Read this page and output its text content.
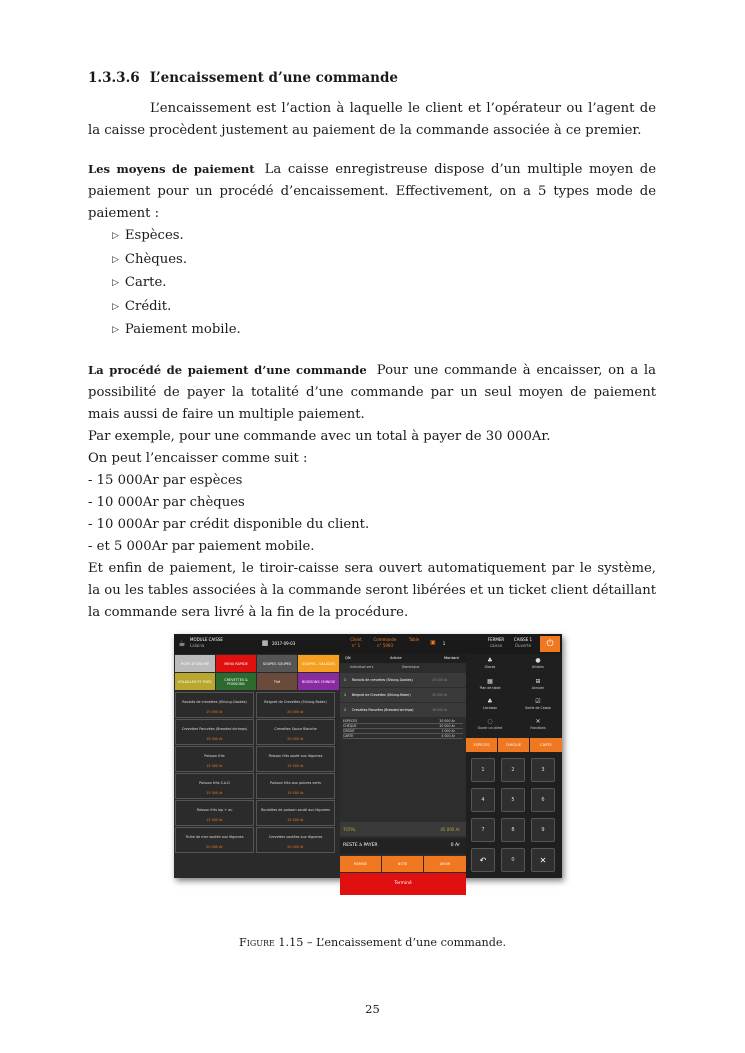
1.3.3.6 L’encaissement d’une commande

L’encaissement est l’action à laquelle le client et l’opérateur ou l’agent de la caisse procèdent justement au paiement de la commande associée à ce premier.

Les moyens de paiement La caisse enregistreuse dispose d’un multiple moyen de paiement pour un procédé d’encaissement. Effectivement, on a 5 types mode de paiement :

▷ Espèces.
▷ Chèques.
▷ Carte.
▷ Crédit.
▷ Paiement mobile.

La procédé de paiement d’une commande Pour une commande à encaisser, on a la possibilité de payer la totalité d’une commande par un seul moyen de paiement mais aussi de faire un multiple paiement.

Par exemple, pour une commande avec un total à payer de 30 000Ar.
On peut l’encaisser comme suit :
- 15 000Ar par espèces
- 10 000Ar par chèques
- 10 000Ar par crédit disponible du client.
- et 5 000Ar par paiement mobile.

Et enfin de paiement, le tiroir-caisse sera ouvert automatiquement par le système, la ou les tables associées à la commande seront libérées et un ticket client détaillant la commande sera livré à la fin de la procédure.

☕	MODULE CAISSE
Lalaina	▦ 2017-09-03
Client
n° 1
Commande
n° 5993
Table	▣	1
FERMER
caisse
CAISSE 1
Ouverte	⏻
HORS D'OEUVRE	MENU RAPIDE	SOUPES SOUPES	SOUPES - SALADES
VOLAILLES ET PORC	CREVETTES & POISSONS	Thé	BOISSONS CHINOIS
Raviolis de crevettes (Shiung-Gaokes)
15 000 Ar
Beignet de Crevettes (Shiung-Rober)
20 000 Ar
Crevettes Panurées (Breaded shrimps)
18 000 Ar
Crevettes Sauce Blanche
20 000 Ar
Poisson frits
15 000 Ar
Poisson frits sauté aux légumes
15 000 Ar
Poisson frits S.A.D
15 000 Ar
Poisson frits aux poivres verts
15 000 Ar
Poisson frits lop + au
15 000 Ar
Boulettes de poisson sauté aux légumes
15 000 Ar
Truite de mer sautée aux légumes
20 000 Ar
Crevettes sautées aux légumes
20 000 Ar
QN	Article	Montant
Individuel vers	Dominique
1 Raviolis de crevettes (Shiung-Gaokes)	15 000 Ar
1 Beignet de Crevettes (Shiung-Rober)	20 000 Ar
1 Crevettes Panurées (Breaded shrimps)	18 000 Ar
ESPECES	20 000 Ar
CHEQUE	20 000 Ar
CREDIT	1 000 Ar
CARTE	4 000 Ar
TOTAL	45 000 Ar
RESTE à PAYER	0 Ar
REMISE	NOTE	AVOIR
Terminé
♣
Glaces
●
Articles
▦
Plan de table
⊞
Annuler
♣
Livraison
☑
Sortie de Caisse
◌
Ouvrir un client
✕
Fonctions
ESPECES	CHEQUE	CARTE
1	2	3
4	5	6
7	8	9
↶	0	✕
Figure 1.15 – L’encaissement d’une commande.
25
